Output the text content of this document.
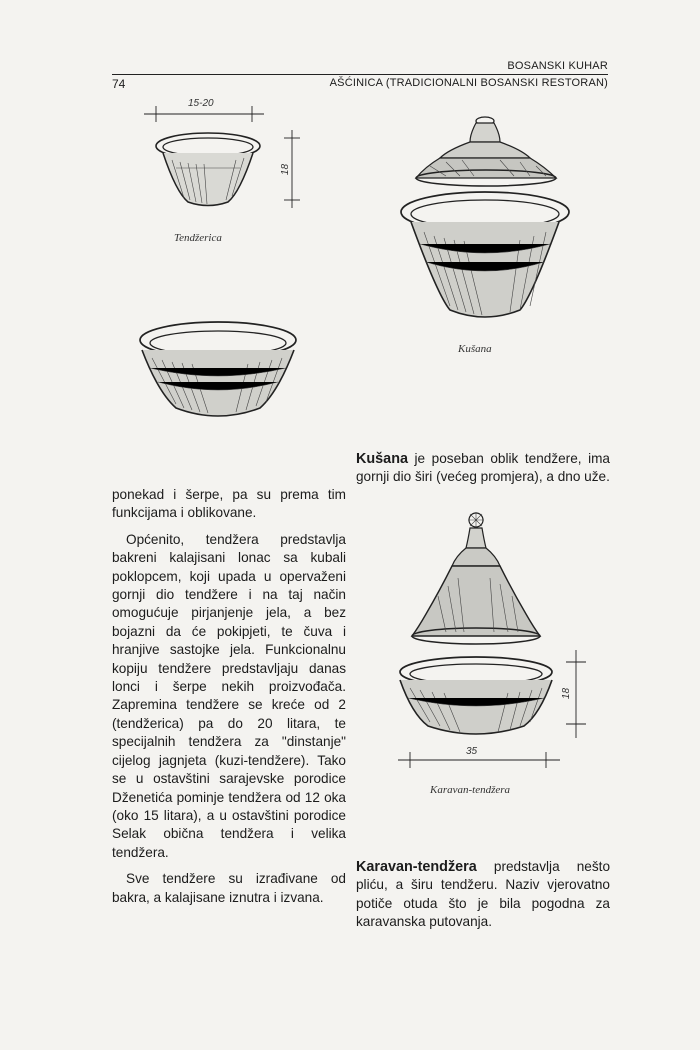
BOSANSKI KUHAR
74	AŠĆINICA (TRADICIONALNI BOSANSKI RESTORAN)
15-20
18
Tendžerica
Kušana
18
35
Karavan-tendžera

ponekad i šerpe, pa su prema tim funkcijama i oblikovane.

Općenito, tendžera predstavlja bakreni kalajisani lonac sa kubali poklopcem, koji upada u opervaženi gornji dio tendžere i na taj način omogućuje pirjanjenje jela, a bez bojazni da će pokipjeti, te čuva i hranjive sastojke jela. Funkcionalnu kopiju tendžere predstavljaju danas lonci i šerpe nekih proizvođača. Zapremina tendžere se kreće od 2 (tendžerica) pa do 20 litara, te specijalnih tendžera za "dinstanje" cijelog jagnjeta (kuzi-tendžere). Tako se u ostavštini sarajevske porodice Dženetića pominje tendžera od 12 oka (oko 15 litara), a u ostavštini porodice Selak obična tendžera i velika tendžera.

Sve tendžere su izrađivane od bakra, a kalajisane iznutra i izvana.

Kušana je poseban oblik tendžere, ima gornji dio širi (većeg promjera), a dno uže.

Karavan-tendžera predstavlja nešto pliću, a širu tendžeru. Naziv vjerovatno potiče otuda što je bila pogodna za karavanska putovanja.
